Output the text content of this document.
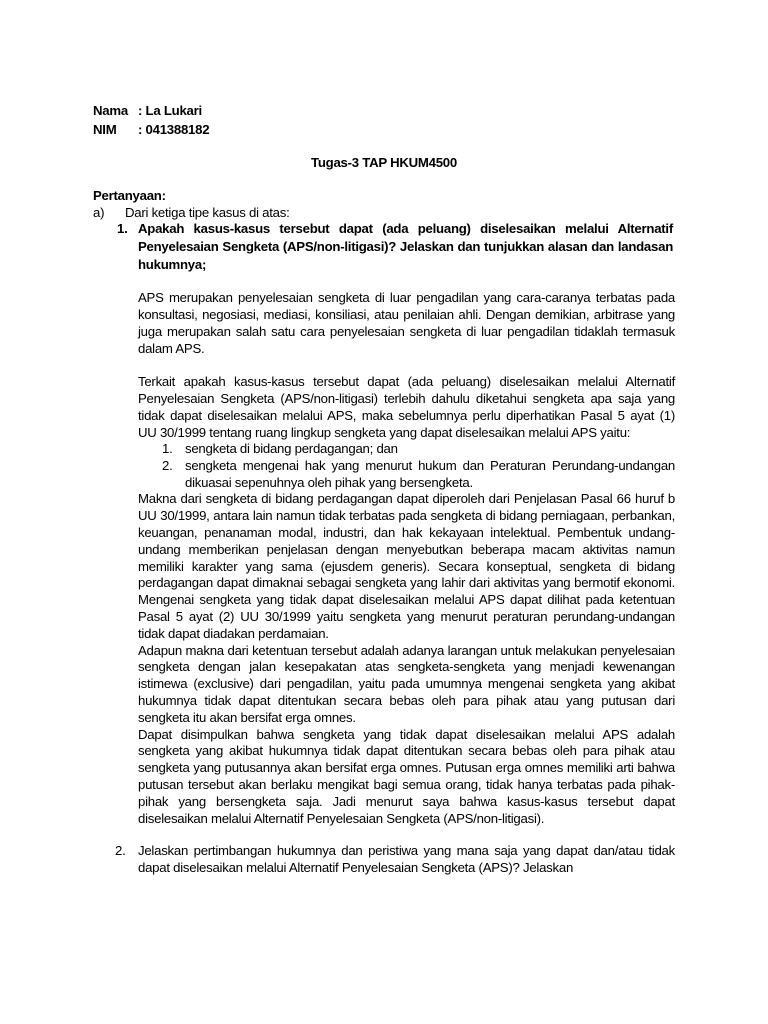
Nama : La Lukari
NIM : 041388182
Tugas-3 TAP HKUM4500
Pertanyaan:
a) Dari ketiga tipe kasus di atas:
1. Apakah kasus-kasus tersebut dapat (ada peluang) diselesaikan melalui Alternatif
Penyelesaian Sengketa (APS/non-litigasi)? Jelaskan dan tunjukkan alasan dan landasan
hukumnya;
APS merupakan penyelesaian sengketa di luar pengadilan yang cara-caranya terbatas pada
konsultasi, negosiasi, mediasi, konsiliasi, atau penilaian ahli. Dengan demikian, arbitrase yang
juga merupakan salah satu cara penyelesaian sengketa di luar pengadilan tidaklah termasuk
dalam APS.
Terkait apakah kasus-kasus tersebut dapat (ada peluang) diselesaikan melalui Alternatif
Penyelesaian Sengketa (APS/non-litigasi) terlebih dahulu diketahui sengketa apa saja yang
tidak dapat diselesaikan melalui APS, maka sebelumnya perlu diperhatikan Pasal 5 ayat (1)
UU 30/1999 tentang ruang lingkup sengketa yang dapat diselesaikan melalui APS yaitu:
1. sengketa di bidang perdagangan; dan
2. sengketa mengenai hak yang menurut hukum dan Peraturan Perundang-undangan
dikuasai sepenuhnya oleh pihak yang bersengketa.
Makna dari sengketa di bidang perdagangan dapat diperoleh dari Penjelasan Pasal 66 huruf b
UU 30/1999, antara lain namun tidak terbatas pada sengketa di bidang perniagaan, perbankan,
keuangan, penanaman modal, industri, dan hak kekayaan intelektual. Pembentuk undang-
undang memberikan penjelasan dengan menyebutkan beberapa macam aktivitas namun
memiliki karakter yang sama (ejusdem generis). Secara konseptual, sengketa di bidang
perdagangan dapat dimaknai sebagai sengketa yang lahir dari aktivitas yang bermotif ekonomi.
Mengenai sengketa yang tidak dapat diselesaikan melalui APS dapat dilihat pada ketentuan
Pasal 5 ayat (2) UU 30/1999 yaitu sengketa yang menurut peraturan perundang-undangan
tidak dapat diadakan perdamaian.
Adapun makna dari ketentuan tersebut adalah adanya larangan untuk melakukan penyelesaian
sengketa dengan jalan kesepakatan atas sengketa-sengketa yang menjadi kewenangan
istimewa (exclusive) dari pengadilan, yaitu pada umumnya mengenai sengketa yang akibat
hukumnya tidak dapat ditentukan secara bebas oleh para pihak atau yang putusan dari
sengketa itu akan bersifat erga omnes.
Dapat disimpulkan bahwa sengketa yang tidak dapat diselesaikan melalui APS adalah
sengketa yang akibat hukumnya tidak dapat ditentukan secara bebas oleh para pihak atau
sengketa yang putusannya akan bersifat erga omnes. Putusan erga omnes memiliki arti bahwa
putusan tersebut akan berlaku mengikat bagi semua orang, tidak hanya terbatas pada pihak-
pihak yang bersengketa saja. Jadi menurut saya bahwa kasus-kasus tersebut dapat
diselesaikan melalui Alternatif Penyelesaian Sengketa (APS/non-litigasi).
2. Jelaskan pertimbangan hukumnya dan peristiwa yang mana saja yang dapat dan/atau tidak
dapat diselesaikan melalui Alternatif Penyelesaian Sengketa (APS)? Jelaskan
